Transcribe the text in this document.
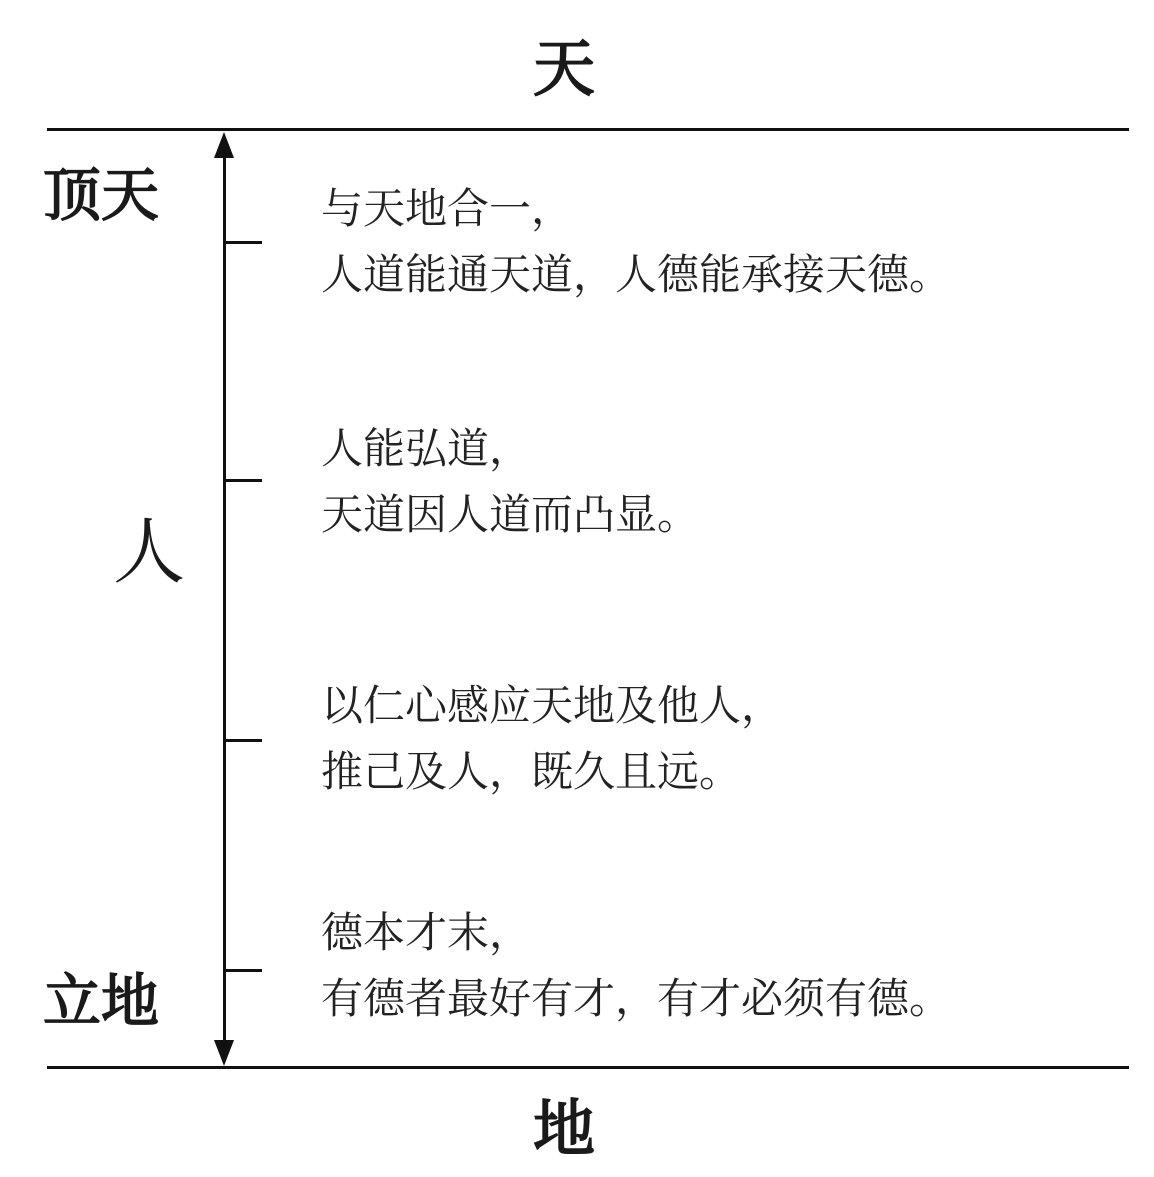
天
顶天
人
立地
与天地合一，
人道能通天道，人德能承接天德。
人能弘道，
天道因人道而凸显。
以仁心感应天地及他人，
推己及人，既久且远。
德本才末，
有德者最好有才，有才必须有德。
地
